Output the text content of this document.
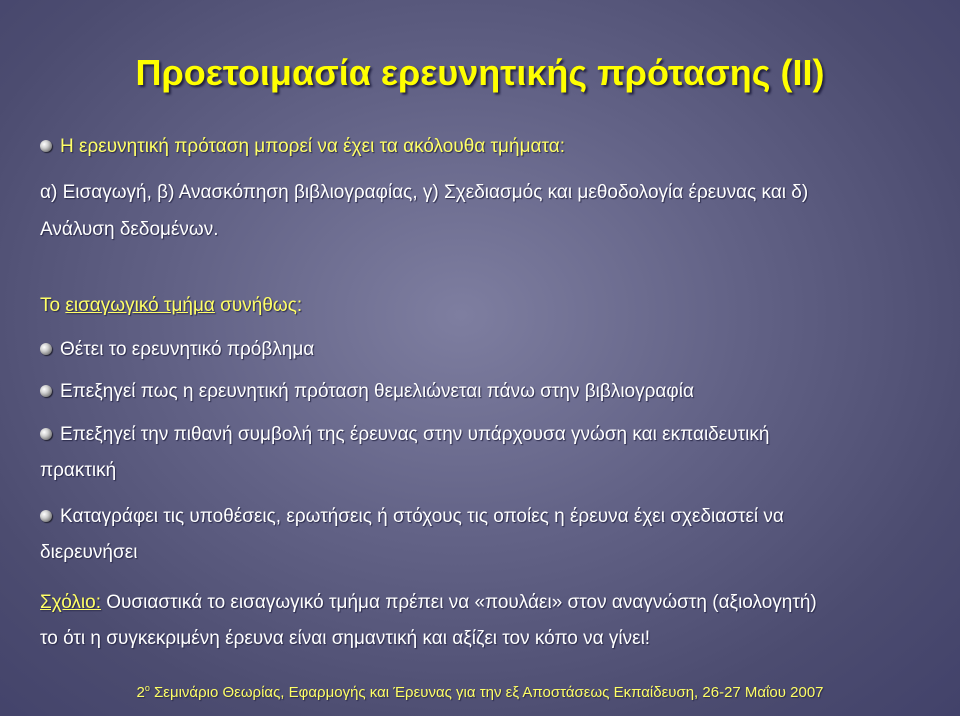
Προετοιμασία ερευνητικής πρότασης (ΙΙ)
Η ερευνητική πρόταση μπορεί να έχει τα ακόλουθα τμήματα:
α) Εισαγωγή, β) Ανασκόπηση βιβλιογραφίας, γ) Σχεδιασμός και μεθοδολογία έρευνας και δ)
Ανάλυση δεδομένων.
Το εισαγωγικό τμήμα συνήθως:
Θέτει το ερευνητικό πρόβλημα
Επεξηγεί πως η ερευνητική πρόταση θεμελιώνεται πάνω στην βιβλιογραφία
Επεξηγεί την πιθανή συμβολή της έρευνας στην υπάρχουσα γνώση και εκπαιδευτική
πρακτική
Καταγράφει τις υποθέσεις, ερωτήσεις ή στόχους τις οποίες η έρευνα έχει σχεδιαστεί να
διερευνήσει
Σχόλιο: Ουσιαστικά το εισαγωγικό τμήμα πρέπει να «πουλάει» στον αναγνώστη (αξιολογητή)
το ότι η συγκεκριμένη έρευνα είναι σημαντική και αξίζει τον κόπο να γίνει!
$2^o$ Σεμινάριο Θεωρίας, Εφαρμογής και Έρευνας για την εξ Αποστάσεως Εκπαίδευση, 26-27 Μαΐου 2007
